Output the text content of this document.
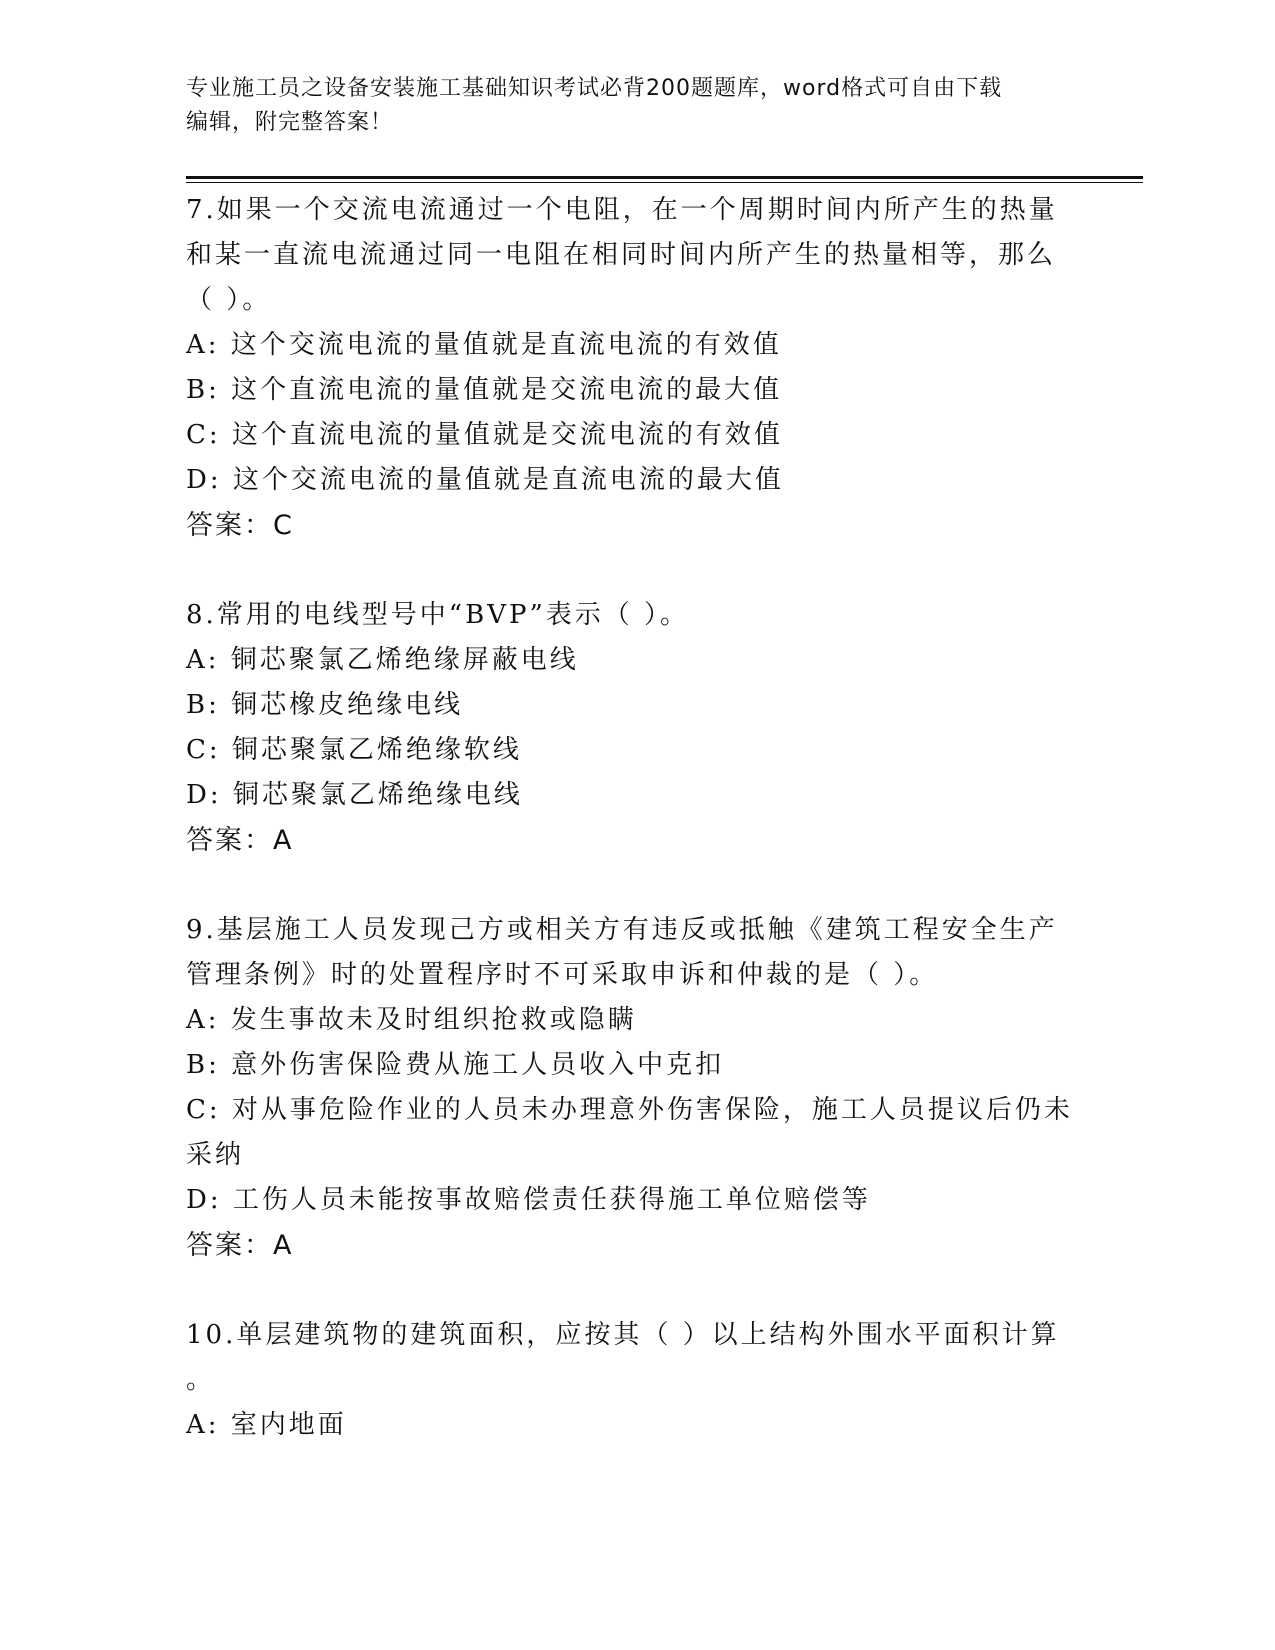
专业施工员之设备安装施工基础知识考试必背200题题库，word格式可自由下载

编辑，附完整答案！

7.如果一个交流电流通过一个电阻，在一个周期时间内所产生的热量

和某一直流电流通过同一电阻在相同时间内所产生的热量相等，那么

（ ）。

A: 这个交流电流的量值就是直流电流的有效值

B: 这个直流电流的量值就是交流电流的最大值

C: 这个直流电流的量值就是交流电流的有效值

D: 这个交流电流的量值就是直流电流的最大值

答案：C

8.常用的电线型号中“BVP”表示（ ）。

A: 铜芯聚氯乙烯绝缘屏蔽电线

B: 铜芯橡皮绝缘电线

C: 铜芯聚氯乙烯绝缘软线

D: 铜芯聚氯乙烯绝缘电线

答案：A

9.基层施工人员发现己方或相关方有违反或抵触《建筑工程安全生产

管理条例》时的处置程序时不可采取申诉和仲裁的是（ ）。

A: 发生事故未及时组织抢救或隐瞒

B: 意外伤害保险费从施工人员收入中克扣

C: 对从事危险作业的人员未办理意外伤害保险，施工人员提议后仍未

采纳

D: 工伤人员未能按事故赔偿责任获得施工单位赔偿等

答案：A

10.单层建筑物的建筑面积，应按其（ ）以上结构外围水平面积计算

。

A: 室内地面
